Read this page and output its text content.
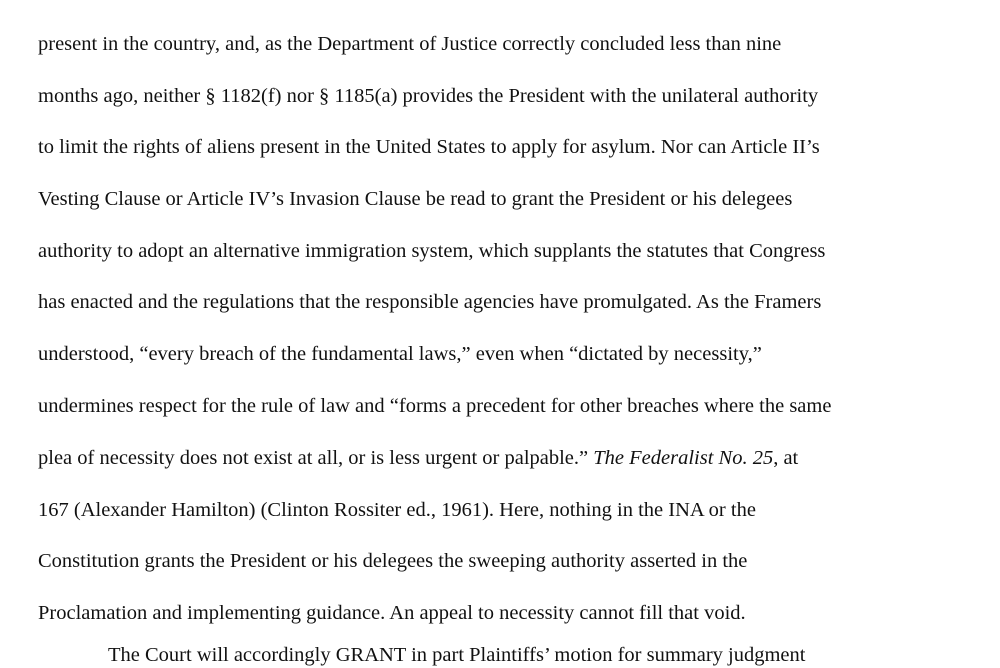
present in the country, and, as the Department of Justice correctly concluded less than nine
months ago, neither § 1182(f) nor § 1185(a) provides the President with the unilateral authority
to limit the rights of aliens present in the United States to apply for asylum. Nor can Article II’s
Vesting Clause or Article IV’s Invasion Clause be read to grant the President or his delegees
authority to adopt an alternative immigration system, which supplants the statutes that Congress
has enacted and the regulations that the responsible agencies have promulgated. As the Framers
understood, “every breach of the fundamental laws,” even when “dictated by necessity,”
undermines respect for the rule of law and “forms a precedent for other breaches where the same
plea of necessity does not exist at all, or is less urgent or palpable.” The Federalist No. 25, at
167 (Alexander Hamilton) (Clinton Rossiter ed., 1961). Here, nothing in the INA or the
Constitution grants the President or his delegees the sweeping authority asserted in the
Proclamation and implementing guidance. An appeal to necessity cannot fill that void.
The Court will accordingly GRANT in part Plaintiffs’ motion for summary judgment
